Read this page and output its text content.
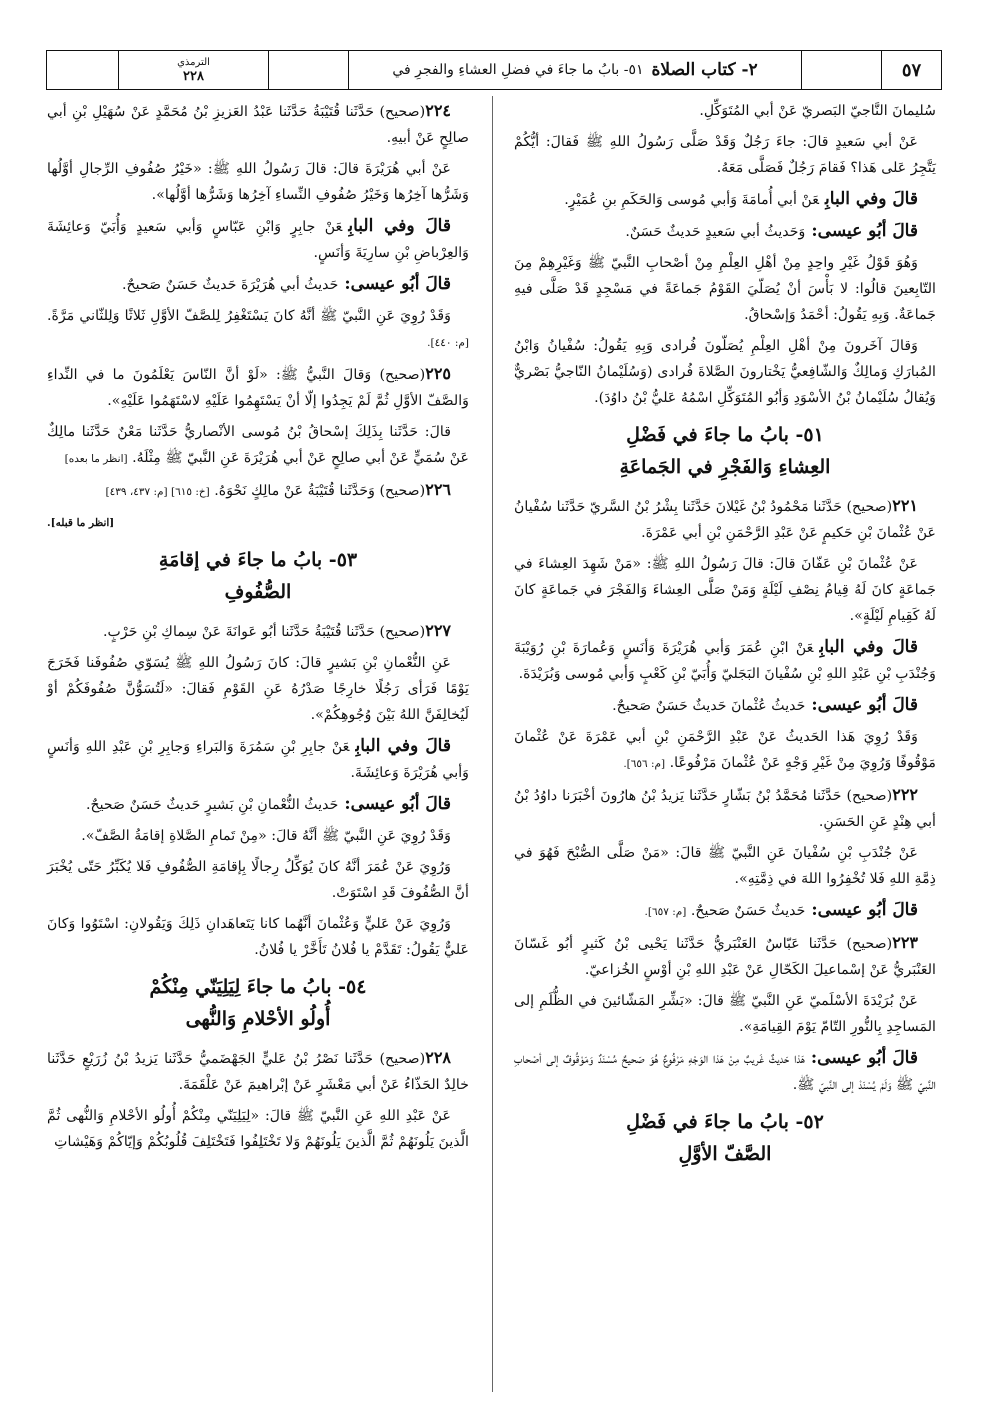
٥٧
٢- كتاب الصلاة
٥١- بابُ ما جاءَ في فضلِ العشاءِ والفجرِ في
الترمذي
٢٢٨

سُليمانَ النَّاجيّ البَصريّ عَنْ أبي المُتَوَكِّلِ.

عَنْ أبي سَعيدٍ قالَ: جاءَ رَجُلٌ وَقَدْ صَلَّى رَسُولُ اللهِ ﷺ فَقالَ: أيُّكُمْ يَتَّجِرُ عَلى هَذا؟ فَقامَ رَجُلٌ فَصَلَّى مَعَهُ.

قالَ وفي البابِعَنْ أبي أُمامَةَ وَأبي مُوسى وَالحَكَمِ بنِ عُمَيْرٍ.

قالَ أبُو عيسى:وَحَديثُ أبي سَعيدٍ حَديثٌ حَسَنٌ.

وَهُوَ قَوْلُ غَيْرِ واحِدٍ مِنْ أهْلِ العِلْمِ مِنْ أصْحابِ النَّبيّ ﷺ وَغَيْرِهِمْ مِنَ التّابِعينَ قالُوا: لا بَأْسَ أنْ يُصَلّيَ القَوْمُ جَماعَةً في مَسْجِدٍ قَدْ صَلَّى فيهِ جَماعَةٌ. وَبِهِ يَقُولُ: أحْمَدُ وَإسْحاقُ.

وَقالَ آخَرونَ مِنْ أهْلِ العِلْمِ يُصَلّونَ فُرادى وَبِهِ يَقُولُ: سُفْيانُ وَابْنُ المُبارَكِ وَمالِكٌ وَالشّافِعيُّ يَخْتارونَ الصَّلاةَ فُرادى (وَسُلَيْمانُ النّاجيُّ بَصْريٌّ وَيُقالُ سُلَيْمانُ بْنُ الأسْوَدِ وَأبُو المُتَوَكِّلِ اسْمُهُ عَليُّ بْنُ داوُدَ).

٥١- بابُ ما جاءَ في فَضْلِ
العِشاءِ وَالفَجْرِ في الجَماعَةِ

٢٢١(صحيح) حَدَّثَنا مَحْمُودُ بْنُ غَيْلانَ حَدَّثَنا بِشْرُ بْنُ السَّريّ حَدَّثَنا سُفْيانُ عَنْ عُثْمانَ بْنِ حَكيمٍ عَنْ عَبْدِ الرَّحْمَنِ بْنِ أبي عَمْرَةَ.

عَنْ عُثْمانَ بْنِ عَفّانَ قالَ: قالَ رَسُولُ اللهِ ﷺ: «مَنْ شَهِدَ العِشاءَ في جَماعَةٍ كانَ لَهُ قِيامُ نِصْفِ لَيْلَةٍ وَمَنْ صَلَّى العِشاءَ وَالفَجْرَ في جَماعَةٍ كانَ لَهُ كَقِيامِ لَيْلَةٍ».

قالَ وفي البابِعَنْ ابْنِ عُمَرَ وَأبي هُرَيْرَةَ وَأنَسٍ وَعُمارَةَ بْنِ رُوَيْبَةَ وَجُنْدَبِ بْنِ عَبْدِ اللهِ بْنِ سُفْيانَ البَجَليّ وَأُبَيّ بْنِ كَعْبٍ وَأبي مُوسى وَبُرَيْدَةَ.

قالَ أبُو عيسى:حَديثُ عُثْمانَ حَديثٌ حَسَنٌ صَحيحٌ.

وَقَدْ رُوِيَ هَذا الحَديثُ عَنْ عَبْدِ الرَّحْمَنِ بْنِ أبي عَمْرَةَ عَنْ عُثْمانَ مَوْقُوفًا وَرُوِيَ مِنْ غَيْرِ وَجْهٍ عَنْ عُثْمانَ مَرْفُوعًا. [م: ٦٥٦].

٢٢٢(صحيح) حَدَّثَنا مُحَمَّدُ بْنُ بَشّارٍ حَدَّثَنا يَزيدُ بْنُ هارُونَ أخْبَرَنا داوُدُ بْنُ أبي هِنْدٍ عَنِ الحَسَنِ.

عَنْ جُنْدَبِ بْنِ سُفْيانَ عَنِ النَّبيّ ﷺ قالَ: «مَنْ صَلَّى الصُّبْحَ فَهُوَ في ذِمَّةِ اللهِ فَلا تُخْفِرُوا اللهَ في ذِمَّتِهِ».

قالَ أبُو عيسى:حَديثٌ حَسَنٌ صَحيحٌ. [م: ٦٥٧].

٢٢٣(صحيح) حَدَّثَنا عَبّاسٌ العَنْبَريُّ حَدَّثَنا يَحْيى بْنُ كَثيرٍ أبُو غَسّانَ العَنْبَريُّ عَنْ إسْماعيلَ الكَحّالِ عَنْ عَبْدِ اللهِ بْنِ أوْسٍ الخُزاعيّ.

عَنْ بُرَيْدَةَ الأسْلَميّ عَنِ النَّبيّ ﷺ قالَ: «بَشِّرِ المَشّائينَ في الظُّلَمِ إلى المَساجِدِ بِالنُّورِ التّامّ يَوْمَ القِيامَةِ».

قالَ أبُو عيسى:هَذا حَديثٌ غَريبٌ مِنْ هَذا الوَجْهِ مَرْفُوعٌ هُوَ صَحيحٌ مُسْنَدٌ وَمَوْقُوفٌ إلى أصْحابِ النَّبيّ ﷺ وَلَمْ يُسْنَدْ إلى النَّبيّ ﷺ.

٥٢- بابُ ما جاءَ في فَضْلِ
الصَّفّ الأوَّلِ

٢٢٤(صحيح) حَدَّثَنا قُتَيْبَةُ حَدَّثَنا عَبْدُ العَزيزِ بْنُ مُحَمَّدٍ عَنْ سُهَيْلِ بْنِ أبي صالِحٍ عَنْ أبيهِ.

عَنْ أبي هُرَيْرَةَ قالَ: قالَ رَسُولُ اللهِ ﷺ: «خَيْرُ صُفُوفِ الرِّجالِ أوَّلُها وَشَرُّها آخِرُها وَخَيْرُ صُفُوفِ النِّساءِ آخِرُها وَشَرُّها أوَّلُها».

قالَ وفي البابِعَنْ جابِرٍ وَابْنِ عَبّاسٍ وَأبي سَعيدٍ وَأُبَيّ وَعائِشَةَ وَالعِرْباضِ بْنِ سارِيَةَ وَأنَسٍ.

قالَ أبُو عيسى:حَديثُ أبي هُرَيْرَةَ حَديثٌ حَسَنٌ صَحيحٌ.

وَقَدْ رُوِيَ عَنِ النَّبيّ ﷺ أنَّهُ كانَ يَسْتَغْفِرُ لِلصَّفّ الأوَّلِ ثَلاثًا وَلِلثّاني مَرَّةً. [م: ٤٤٠].

٢٢٥(صحيح) وَقالَ النَّبيُّ ﷺ: «لَوْ أنَّ النّاسَ يَعْلَمُونَ ما في النِّداءِ وَالصَّفّ الأوَّلِ ثُمَّ لَمْ يَجِدُوا إلّا أنْ يَسْتَهِمُوا عَلَيْهِ لاسْتَهَمُوا عَلَيْهِ».

قالَ: حَدَّثَنا بِذَلِكَ إسْحاقُ بْنُ مُوسى الأنْصاريُّ حَدَّثَنا مَعْنٌ حَدَّثَنا مالِكٌ عَنْ سُمَيٍّ عَنْ أبي صالِحٍ عَنْ أبي هُرَيْرَةَ عَنِ النَّبيّ ﷺ مِثْلَهُ. [انظر ما بعده]

٢٢٦(صحيح) وَحَدَّثَنا قُتَيْبَةُ عَنْ مالِكٍ نَحْوَهُ. [خ: ٦١٥] [م: ٤٣٧، ٤٣٩]

[انظر ما قبله].
٥٣- بابُ ما جاءَ في إقامَةِ
الصُّفُوفِ

٢٢٧(صحيح) حَدَّثَنا قُتَيْبَةُ حَدَّثَنا أبُو عَوانَةَ عَنْ سِماكِ بْنِ حَرْبٍ.

عَنِ النُّعْمانِ بْنِ بَشيرٍ قالَ: كانَ رَسُولُ اللهِ ﷺ يُسَوّي صُفُوفَنا فَخَرَجَ يَوْمًا فَرَأى رَجُلًا خارِجًا صَدْرُهُ عَنِ القَوْمِ فَقالَ: «لَتُسَوُّنَّ صُفُوفَكُمْ أوْ لَيُخالِفَنَّ اللهُ بَيْنَ وُجُوهِكُمْ».

قالَ وفي البابِعَنْ جابِرِ بْنِ سَمُرَةَ وَالبَراءِ وَجابِرِ بْنِ عَبْدِ اللهِ وَأنَسٍ وَأبي هُرَيْرَةَ وَعائِشَةَ.

قالَ أبُو عيسى:حَديثُ النُّعْمانِ بْنِ بَشيرٍ حَديثٌ حَسَنٌ صَحيحٌ.

وَقَدْ رُوِيَ عَنِ النَّبيّ ﷺ أنَّهُ قالَ: «مِنْ تَمامِ الصَّلاةِ إقامَةُ الصَّفّ».

وَرُوِيَ عَنْ عُمَرَ أنَّهُ كانَ يُوَكِّلُ رِجالًا بِإقامَةِ الصُّفُوفِ فَلا يُكَبِّرُ حَتّى يُخْبَرَ أنَّ الصُّفُوفَ قَدِ اسْتَوَتْ.

وَرُوِيَ عَنْ عَليٍّ وَعُثْمانَ أنَّهُما كانا يَتَعاهَدانِ ذَلِكَ وَيَقُولانِ: اسْتَوُوا وَكانَ عَليٌّ يَقُولُ: تَقَدَّمْ يا فُلانُ تَأَخَّرْ يا فُلانُ.

٥٤- بابُ ما جاءَ لِيَلِيَنّي مِنْكُمْ
أُولُو الأحْلامِ وَالنُّهى

٢٢٨(صحيح) حَدَّثَنا نَصْرُ بْنُ عَليٍّ الجَهْضَميُّ حَدَّثَنا يَزيدُ بْنُ زُرَيْعٍ حَدَّثَنا خالِدٌ الحَذّاءُ عَنْ أبي مَعْشَرٍ عَنْ إبْراهيمَ عَنْ عَلْقَمَةَ.

عَنْ عَبْدِ اللهِ عَنِ النَّبيّ ﷺ قالَ: «لِيَلِيَنّي مِنْكُمْ أُولُو الأحْلامِ وَالنُّهى ثُمَّ الَّذينَ يَلُونَهُمْ ثُمَّ الَّذينَ يَلُونَهُمْ وَلا تَخْتَلِفُوا فَتَخْتَلِفَ قُلُوبُكُمْ وَإيّاكُمْ وَهَيْشاتِ
